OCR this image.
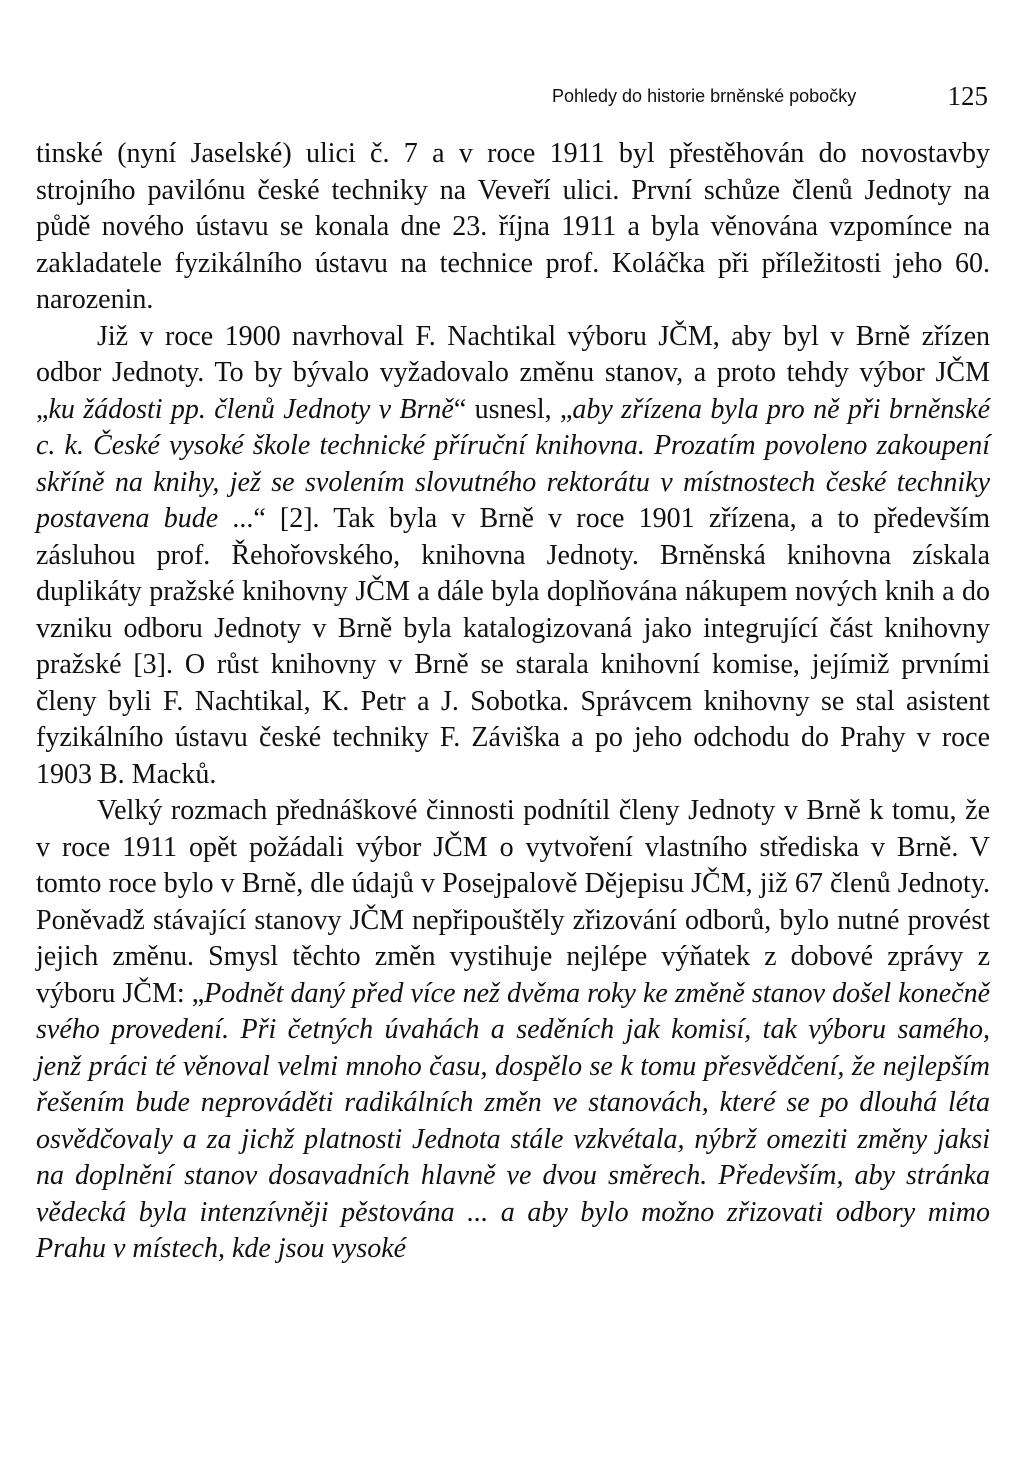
Pohledy do historie brněnské pobočky	125

tinské (nyní Jaselské) ulici č. 7 a v roce 1911 byl přestěhován do novostavby strojního pavilónu české techniky na Veveří ulici. První schůze členů Jednoty na půdě nového ústavu se konala dne 23. října 1911 a byla věnována vzpomínce na zakladatele fyzikálního ústavu na technice prof. Koláčka při příležitosti jeho 60. narozenin.

Již v roce 1900 navrhoval F. Nachtikal výboru JČM, aby byl v Brně zřízen odbor Jednoty. To by bývalo vyžadovalo změnu stanov, a proto tehdy výbor JČM „ku žádosti pp. členů Jednoty v Brně“ usnesl, „aby zřízena byla pro ně při brněnské c. k. České vysoké škole technické příruční knihovna. Prozatím povoleno zakoupení skříně na knihy, jež se svolením slovutného rektorátu v místnostech české techniky postavena bude ...“ [2]. Tak byla v Brně v roce 1901 zřízena, a to především zásluhou prof. Řehořovského, knihovna Jednoty. Brněnská knihovna získala duplikáty pražské knihovny JČM a dále byla doplňována nákupem nových knih a do vzniku odboru Jednoty v Brně byla katalogizovaná jako integrující část knihovny pražské [3]. O růst knihovny v Brně se starala knihovní komise, jejímiž prvními členy byli F. Nachtikal, K. Petr a J. Sobotka. Správcem knihovny se stal asistent fyzikálního ústavu české techniky F. Záviška a po jeho odchodu do Prahy v roce 1903 B. Macků.

Velký rozmach přednáškové činnosti podnítil členy Jednoty v Brně k tomu, že v roce 1911 opět požádali výbor JČM o vytvoření vlastního střediska v Brně. V tomto roce bylo v Brně, dle údajů v Posejpalově Dějepisu JČM, již 67 členů Jednoty. Poněvadž stávající stanovy JČM nepřipouštěly zřizování odborů, bylo nutné provést jejich změnu. Smysl těchto změn vystihuje nejlépe výňatek z dobové zprávy z výboru JČM: „Podnět daný před více než dvěma roky ke změně stanov došel konečně svého provedení. Při četných úvahách a seděních jak komisí, tak výboru samého, jenž práci té věnoval velmi mnoho času, dospělo se k tomu přesvědčení, že nejlepším řešením bude neprováděti radikálních změn ve stanovách, které se po dlouhá léta osvědčovaly a za jichž platnosti Jednota stále vzkvétala, nýbrž omeziti změny jaksi na doplnění stanov dosavadních hlavně ve dvou směrech. Především, aby stránka vědecká byla intenzívněji pěstována ... a aby bylo možno zřizovati odbory mimo Prahu v místech, kde jsou vysoké
